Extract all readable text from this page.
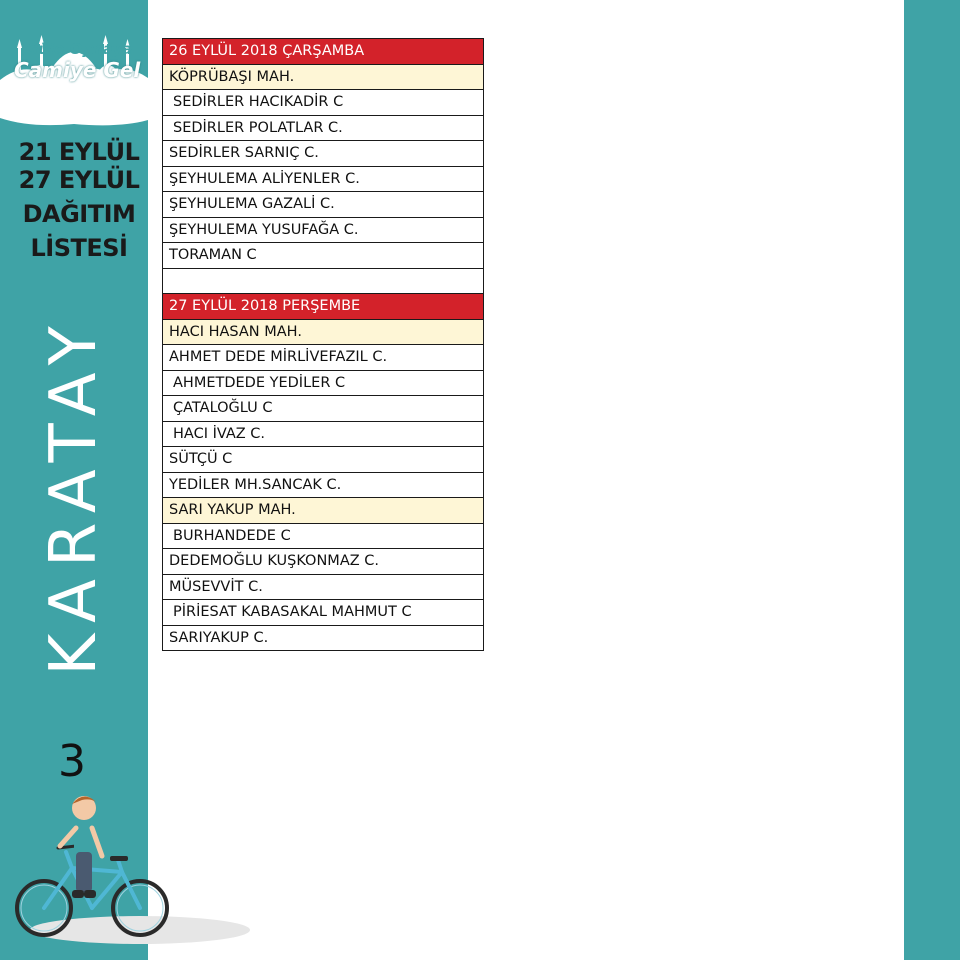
Güle Oynaya
Camiye Gel
21 EYLÜL
27 EYLÜL
DAĞITIM
LİSTESİ
KARATAY
3
26 EYLÜL 2018 ÇARŞAMBA
KÖPRÜBAŞI MAH.
SEDİRLER HACIKADİR C
SEDİRLER POLATLAR C.
SEDİRLER SARNIÇ C.
ŞEYHULEMA ALİYENLER C.
ŞEYHULEMA GAZALİ C.
ŞEYHULEMA YUSUFAĞA C.
TORAMAN C

27 EYLÜL 2018 PERŞEMBE
HACI HASAN MAH.
AHMET DEDE MİRLİVEFAZIL C.
AHMETDEDE YEDİLER C
ÇATALOĞLU C
HACI İVAZ C.
SÜTÇÜ C
YEDİLER MH.SANCAK C.
SARI YAKUP MAH.
BURHANDEDE C
DEDEMOĞLU KUŞKONMAZ C.
MÜSEVVİT C.
PİRİESAT KABASAKAL MAHMUT C
SARIYAKUP C.
